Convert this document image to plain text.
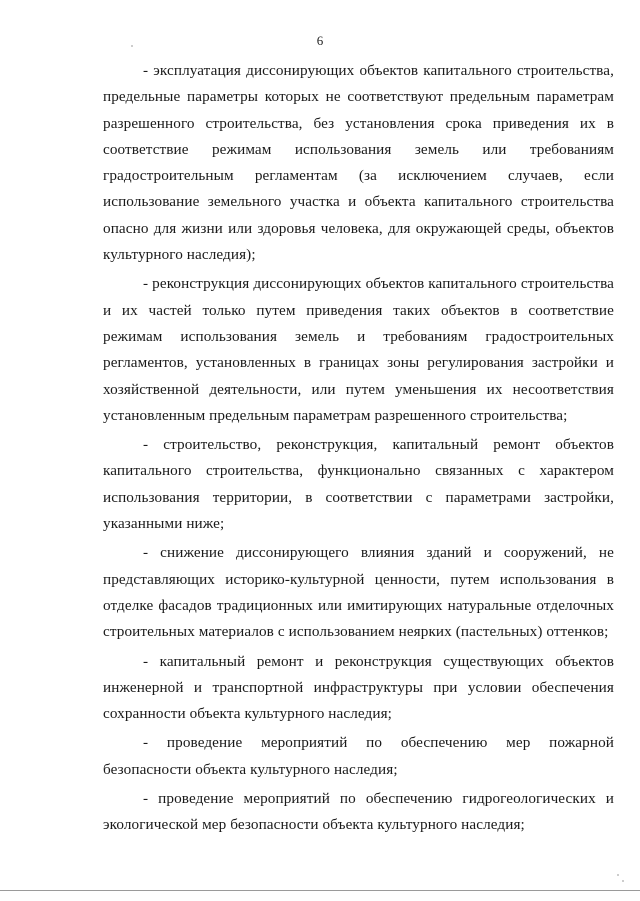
6

- эксплуатация диссонирующих объектов капитального строительства, предельные параметры которых не соответствуют предельным параметрам разрешенного строительства, без установления срока приведения их в соответствие режимам использования земель или требованиям градостроительным регламентам (за исключением случаев, если использование земельного участка и объекта капитального строительства опасно для жизни или здоровья человека, для окружающей среды, объектов культурного наследия);

- реконструкция диссонирующих объектов капитального строительства и их частей только путем приведения таких объектов в соответствие режимам использования земель и требованиям градостроительных регламентов, установленных в границах зоны регулирования застройки и хозяйственной деятельности, или путем уменьшения их несоответствия установленным предельным параметрам разрешенного строительства;

- строительство, реконструкция, капитальный ремонт объектов капитального строительства, функционально связанных с характером использования территории, в соответствии с параметрами застройки, указанными ниже;

- снижение диссонирующего влияния зданий и сооружений, не представляющих историко-культурной ценности, путем использования в отделке фасадов традиционных или имитирующих натуральные отделочных строительных материалов с использованием неярких (пастельных) оттенков;

- капитальный ремонт и реконструкция существующих объектов инженерной и транспортной инфраструктуры при условии обеспечения сохранности объекта культурного наследия;

- проведение мероприятий по обеспечению мер пожарной безопасности объекта культурного наследия;

- проведение мероприятий по обеспечению гидрогеологических и экологической мер безопасности объекта культурного наследия;
